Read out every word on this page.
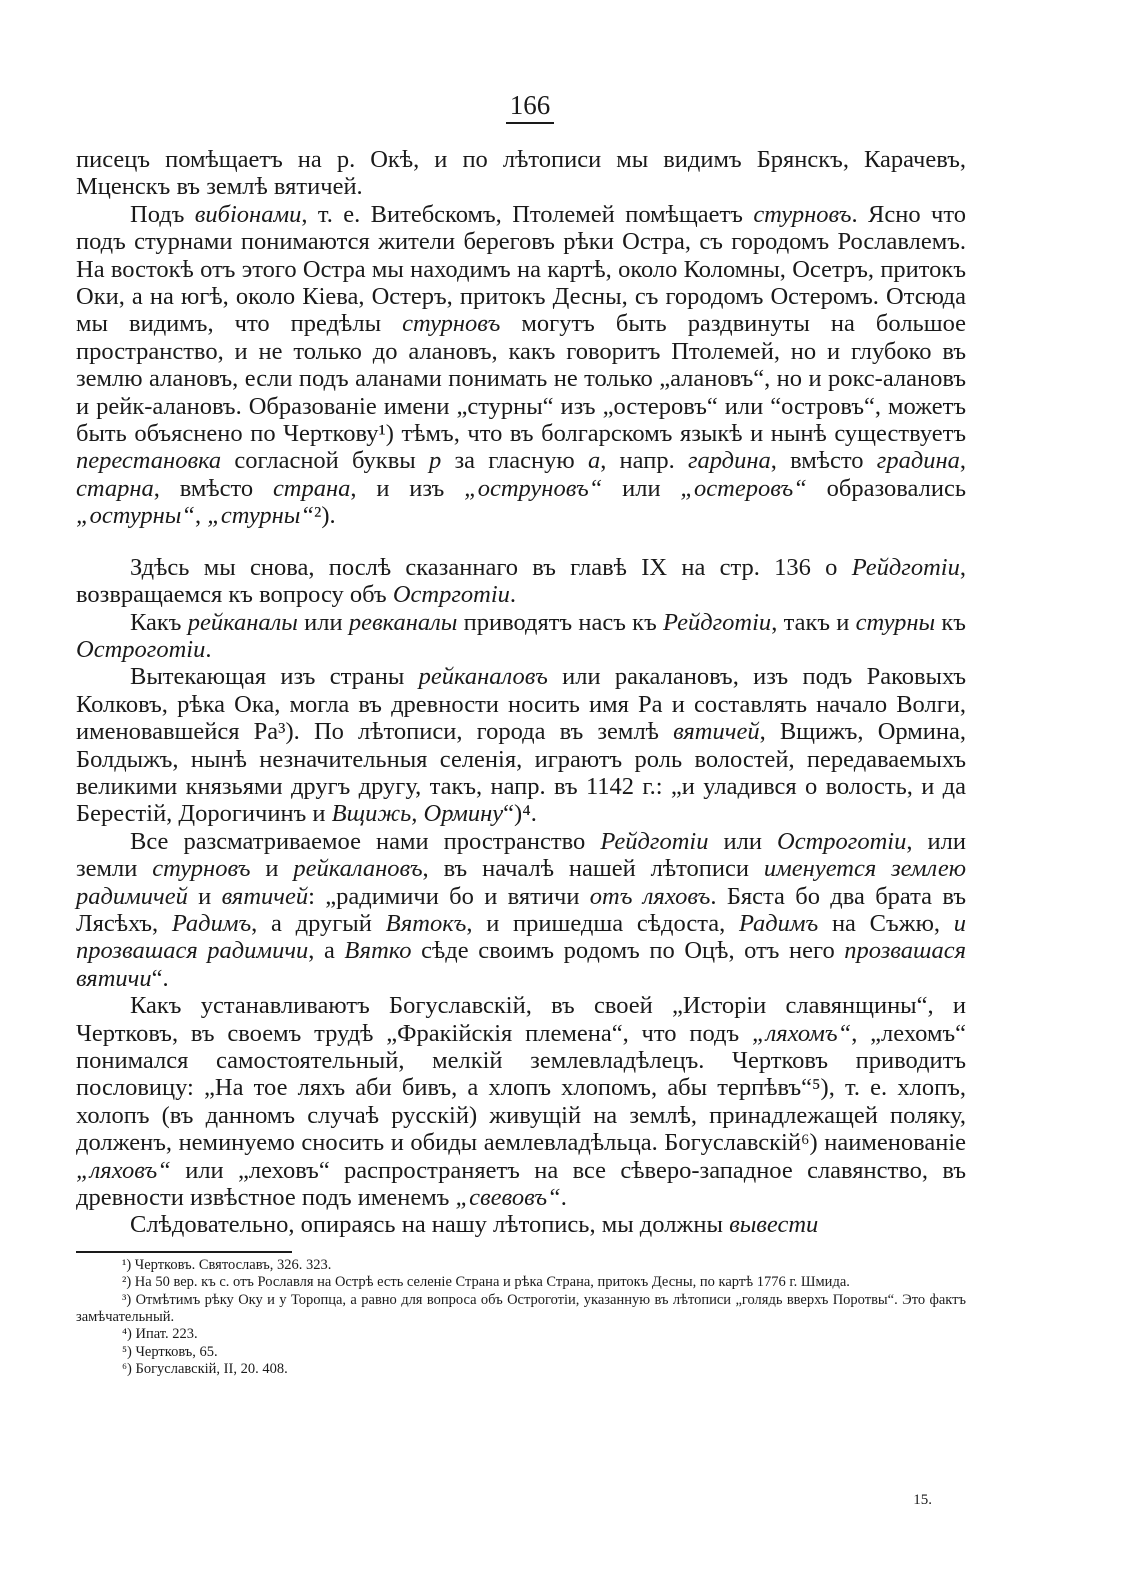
166

писецъ помѣщаетъ на р. Окѣ, и по лѣтописи мы видимъ Брянскъ, Карачевъ, Мценскъ въ землѣ вятичей.

Подъ вибіонами, т. е. Витебскомъ, Птолемей помѣщаетъ стурновъ. Ясно что подъ стурнами понимаются жители береговъ рѣки Остра, съ городомъ Рославлемъ. На востокѣ отъ этого Остра мы находимъ на картѣ, около Коломны, Осетръ, притокъ Оки, а на югѣ, около Кіева, Остеръ, притокъ Десны, съ городомъ Остеромъ. Отсюда мы видимъ, что предѣлы стурновъ могутъ быть раздвинуты на большое пространство, и не только до алановъ, какъ говоритъ Птолемей, но и глубоко въ землю алановъ, если подъ аланами понимать не только „алановъ“, но и рокс-алановъ и рейк-алановъ. Образованіе имени „стурны“ изъ „остеровъ“ или “островъ“, можетъ быть объяснено по Черткову¹) тѣмъ, что въ болгарскомъ языкѣ и нынѣ существуетъ перестановка согласной буквы р за гласную а, напр. гардина, вмѣсто градина, старна, вмѣсто страна, и изъ „оструновъ“ или „остеровъ“ образовались „остурны“, „стурны“²).

Здѣсь мы снова, послѣ сказаннаго въ главѣ IX на стр. 136 о Рейдготіи, возвращаемся къ вопросу объ Острготіи.

Какъ рейканалы или ревканалы приводятъ насъ къ Рейдготіи, такъ и стурны къ Остроготіи.

Вытекающая изъ страны рейканаловъ или ракалановъ, изъ подъ Раковыхъ Колковъ, рѣка Ока, могла въ древности носить имя Ра и составлять начало Волги, именовавшейся Ра³). По лѣтописи, города въ землѣ вятичей, Вщижъ, Ормина, Болдыжъ, нынѣ незначительныя селенія, играютъ роль волостей, передаваемыхъ великими князьями другъ другу, такъ, напр. въ 1142 г.: „и уладився о волость, и да Берестій, Дорогичинъ и Вщижь, Ормину“)⁴.

Все разсматриваемое нами пространство Рейдготіи или Остроготіи, или земли стурновъ и рейкалановъ, въ началѣ нашей лѣтописи именуется землею радимичей и вятичей: „радимичи бо и вятичи отъ ляховъ. Бяста бо два брата въ Лясѣхъ, Радимъ, а другый Вятокъ, и пришедша сѣдоста, Радимъ на Съжю, и прозвашася радимичи, а Вятко сѣде своимъ родомъ по Оцѣ, отъ него прозвашася вятичи“.

Какъ устанавливаютъ Богуславскій, въ своей „Исторіи славянщины“, и Чертковъ, въ своемъ трудѣ „Фракійскія племена“, что подъ „ляхомъ“, „лехомъ“ понимался самостоятельный, мелкій землевладѣлецъ. Чертковъ приводитъ пословицу: „На тое ляхъ аби бивъ, а хлопъ хлопомъ, абы терпѣвъ“⁵), т. е. хлопъ, холопъ (въ данномъ случаѣ русскій) живущій на землѣ, принадлежащей поляку, долженъ, неминуемо сносить и обиды аемлевладѣльца. Богуславскій⁶) наименованіе „ляховъ“ или „леховъ“ распространяетъ на все сѣверо-западное славянство, въ древности извѣстное подъ именемъ „свевовъ“.

Слѣдовательно, опираясь на нашу лѣтопись, мы должны вывести

¹) Чертковъ. Святославъ, 326. 323.

²) На 50 вер. къ с. отъ Рославля на Острѣ есть селеніе Страна и рѣка Страна, притокъ Десны, по картѣ 1776 г. Шмида.

³) Отмѣтимъ рѣку Оку и у Торопца, а равно для вопроса объ Остроготіи, указанную въ лѣтописи „голядь вверхъ Поротвы“. Это фактъ замѣчательный.

⁴) Ипат. 223.

⁵) Чертковъ, 65.

⁶) Богуславскій, II, 20. 408.

15.
